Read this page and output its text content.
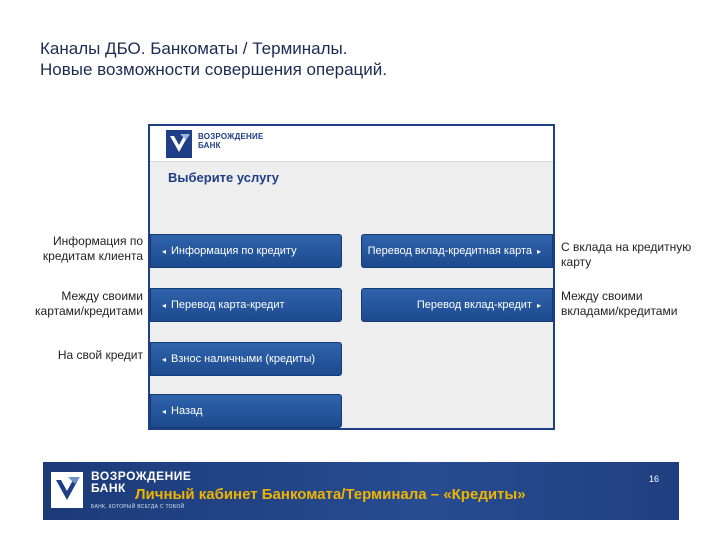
Каналы ДБО. Банкоматы / Терминалы.
Новые возможности совершения операций.
ВОЗРОЖДЕНИЕ
БАНК
Выберите услугу
◂ Информация по кредиту	Перевод вклад-кредитная карта ▸
◂ Перевод карта-кредит	Перевод вклад-кредит ▸
◂ Взнос наличными (кредиты)
◂ Назад
Информация по
кредитам клиента
Между своими
картами/кредитами
На свой кредит
С вклада на кредитную
карту
Между своими
вкладами/кредитами
ВОЗРОЖДЕНИЕ
БАНК
БАНК, КОТОРЫЙ ВСЕГДА С ТОБОЙ
Личный кабинет Банкомата/Терминала – «Кредиты»
16
